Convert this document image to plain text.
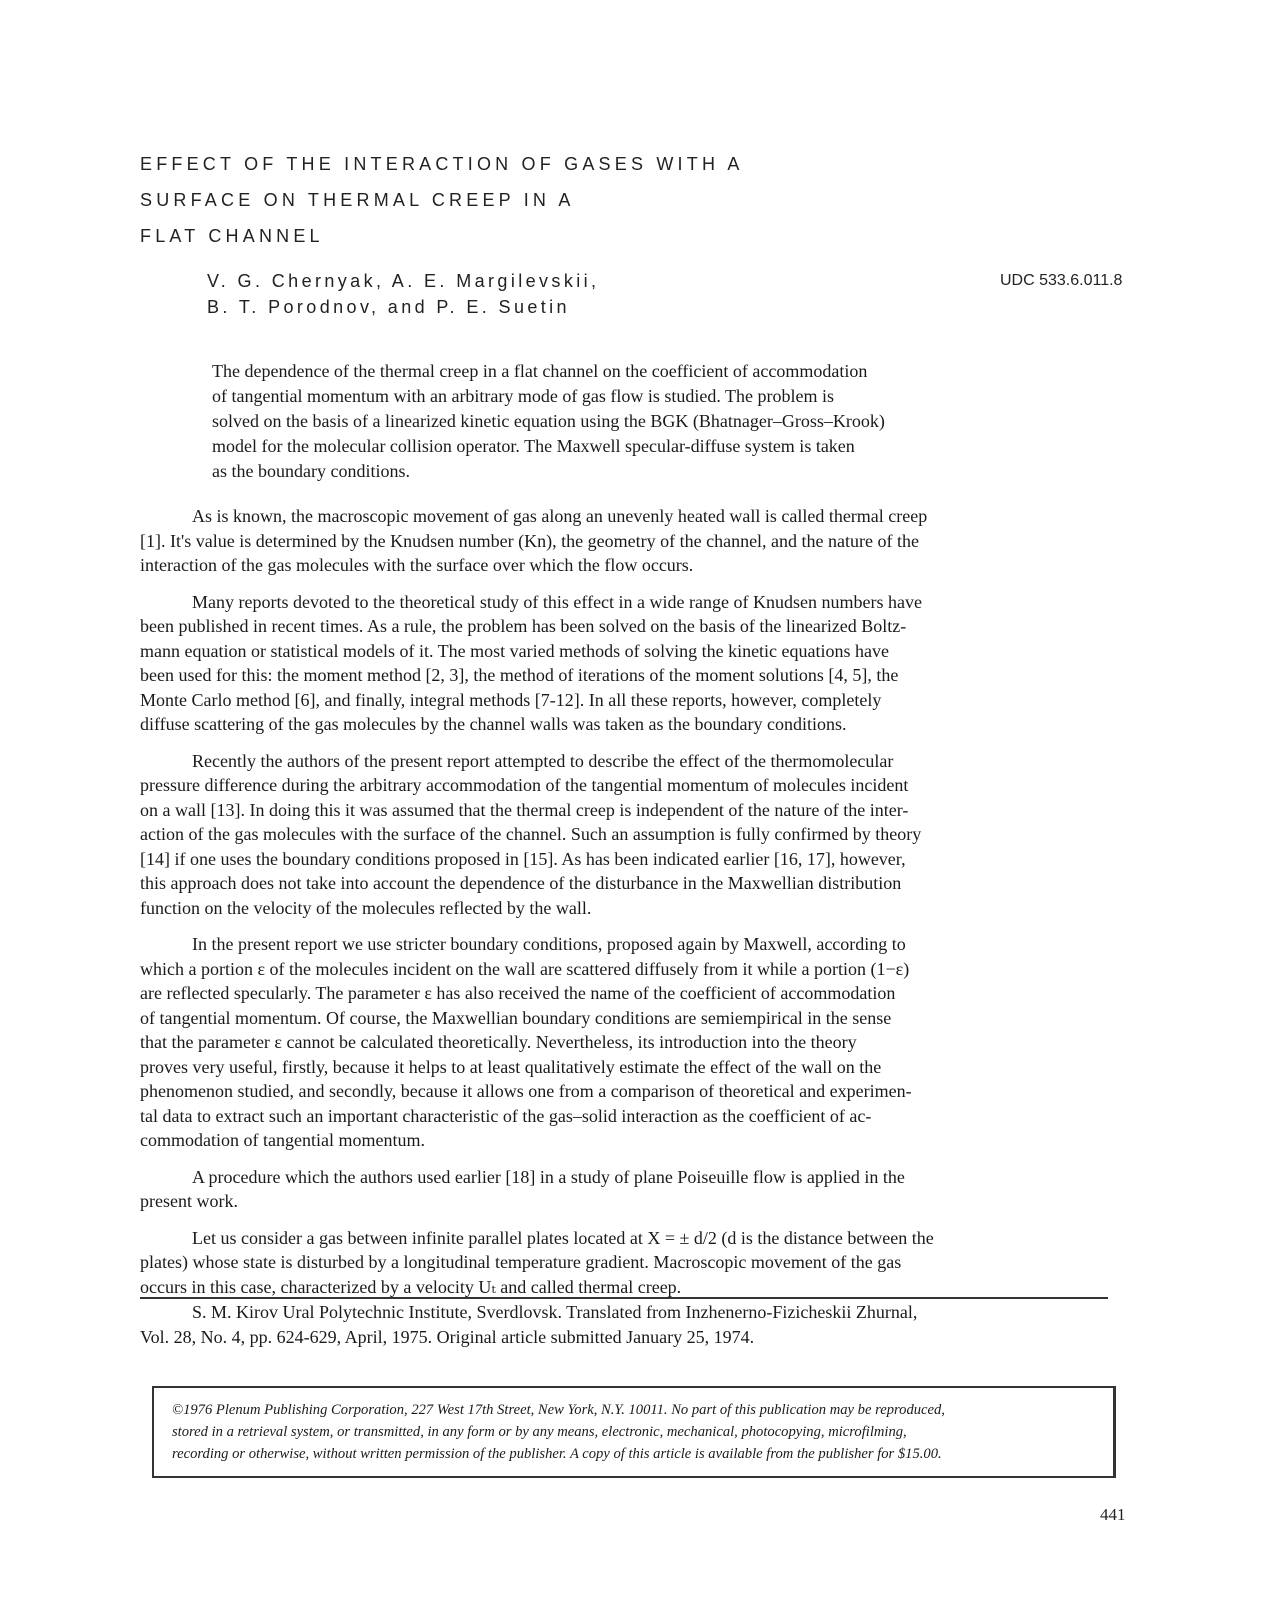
EFFECT OF THE INTERACTION OF GASES WITH A
SURFACE ON THERMAL CREEP IN A
FLAT CHANNEL
V. G. Chernyak, A. E. Margilevskii,
B. T. Porodnov, and P. E. Suetin
UDC 533.6.011.8
The dependence of the thermal creep in a flat channel on the coefficient of accommodation
of tangential momentum with an arbitrary mode of gas flow is studied. The problem is
solved on the basis of a linearized kinetic equation using the BGK (Bhatnager–Gross–Krook)
model for the molecular collision operator. The Maxwell specular-diffuse system is taken
as the boundary conditions.
As is known, the macroscopic movement of gas along an unevenly heated wall is called thermal creep
[1]. It's value is determined by the Knudsen number (Kn), the geometry of the channel, and the nature of the
interaction of the gas molecules with the surface over which the flow occurs.
Many reports devoted to the theoretical study of this effect in a wide range of Knudsen numbers have
been published in recent times. As a rule, the problem has been solved on the basis of the linearized Boltz-
mann equation or statistical models of it. The most varied methods of solving the kinetic equations have
been used for this: the moment method [2, 3], the method of iterations of the moment solutions [4, 5], the
Monte Carlo method [6], and finally, integral methods [7-12]. In all these reports, however, completely
diffuse scattering of the gas molecules by the channel walls was taken as the boundary conditions.
Recently the authors of the present report attempted to describe the effect of the thermomolecular
pressure difference during the arbitrary accommodation of the tangential momentum of molecules incident
on a wall [13]. In doing this it was assumed that the thermal creep is independent of the nature of the inter-
action of the gas molecules with the surface of the channel. Such an assumption is fully confirmed by theory
[14] if one uses the boundary conditions proposed in [15]. As has been indicated earlier [16, 17], however,
this approach does not take into account the dependence of the disturbance in the Maxwellian distribution
function on the velocity of the molecules reflected by the wall.
In the present report we use stricter boundary conditions, proposed again by Maxwell, according to
which a portion ε of the molecules incident on the wall are scattered diffusely from it while a portion (1−ε)
are reflected specularly. The parameter ε has also received the name of the coefficient of accommodation
of tangential momentum. Of course, the Maxwellian boundary conditions are semiempirical in the sense
that the parameter ε cannot be calculated theoretically. Nevertheless, its introduction into the theory
proves very useful, firstly, because it helps to at least qualitatively estimate the effect of the wall on the
phenomenon studied, and secondly, because it allows one from a comparison of theoretical and experimen-
tal data to extract such an important characteristic of the gas–solid interaction as the coefficient of ac-
commodation of tangential momentum.
A procedure which the authors used earlier [18] in a study of plane Poiseuille flow is applied in the
present work.
Let us consider a gas between infinite parallel plates located at X = ± d/2 (d is the distance between the
plates) whose state is disturbed by a longitudinal temperature gradient. Macroscopic movement of the gas
occurs in this case, characterized by a velocity Uₜ and called thermal creep.
S. M. Kirov Ural Polytechnic Institute, Sverdlovsk. Translated from Inzhenerno-Fizicheskii Zhurnal,
Vol. 28, No. 4, pp. 624-629, April, 1975. Original article submitted January 25, 1974.
©1976 Plenum Publishing Corporation, 227 West 17th Street, New York, N.Y. 10011. No part of this publication may be reproduced,
stored in a retrieval system, or transmitted, in any form or by any means, electronic, mechanical, photocopying, microfilming,
recording or otherwise, without written permission of the publisher. A copy of this article is available from the publisher for $15.00.
441
